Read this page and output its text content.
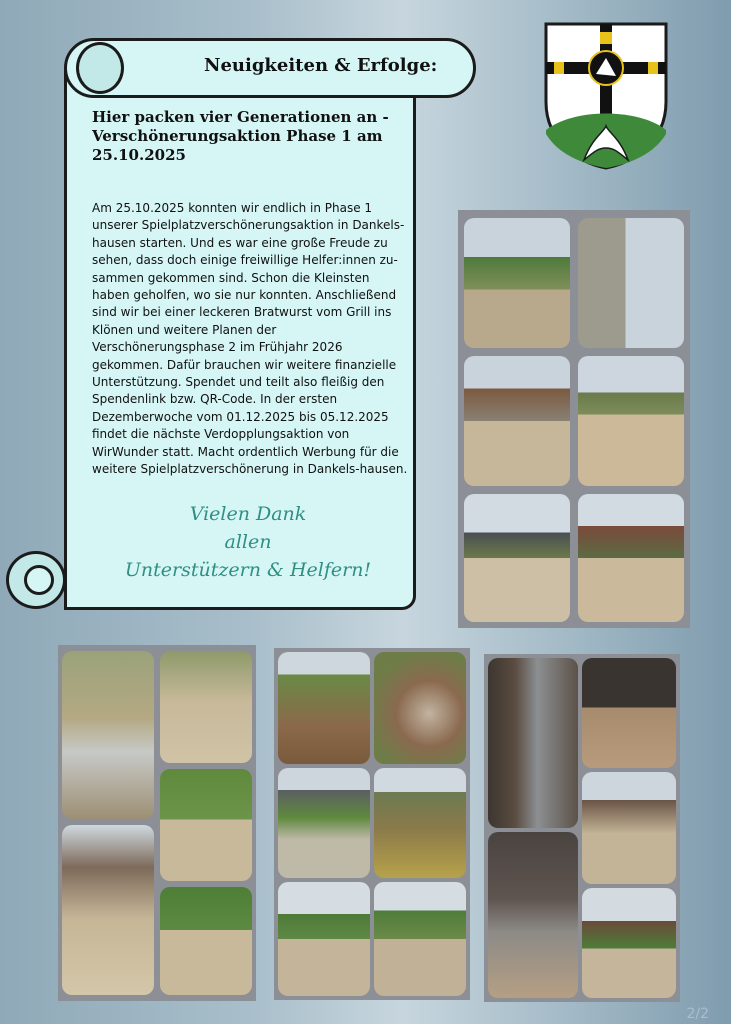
Neuigkeiten & Erfolge:
Hier packen vier Generationen an - Verschönerungsaktion Phase 1 am 25.10.2025
Am 25.10.2025 konnten wir endlich in Phase 1 unserer Spielplatzverschönerungsaktion in Dankels-hausen starten. Und es war eine große Freude zu sehen, dass doch einige freiwillige Helfer:innen zu-sammen gekommen sind. Schon die Kleinsten haben geholfen, wo sie nur konnten. Anschließend sind wir bei einer leckeren Bratwurst vom Grill ins Klönen und weitere Planen der Verschönerungsphase 2 im Frühjahr 2026 gekommen. Dafür brauchen wir weitere finanzielle Unterstützung. Spendet und teilt also fleißig den Spendenlink bzw. QR-Code. In der ersten Dezemberwoche vom 01.12.2025 bis 05.12.2025 findet die nächste Verdopplungsaktion von WirWunder statt. Macht ordentlich Werbung für die weitere Spielplatzverschönerung in Dankels-hausen.
Vielen Dank
allen
Unterstützern & Helfern!
2/2
